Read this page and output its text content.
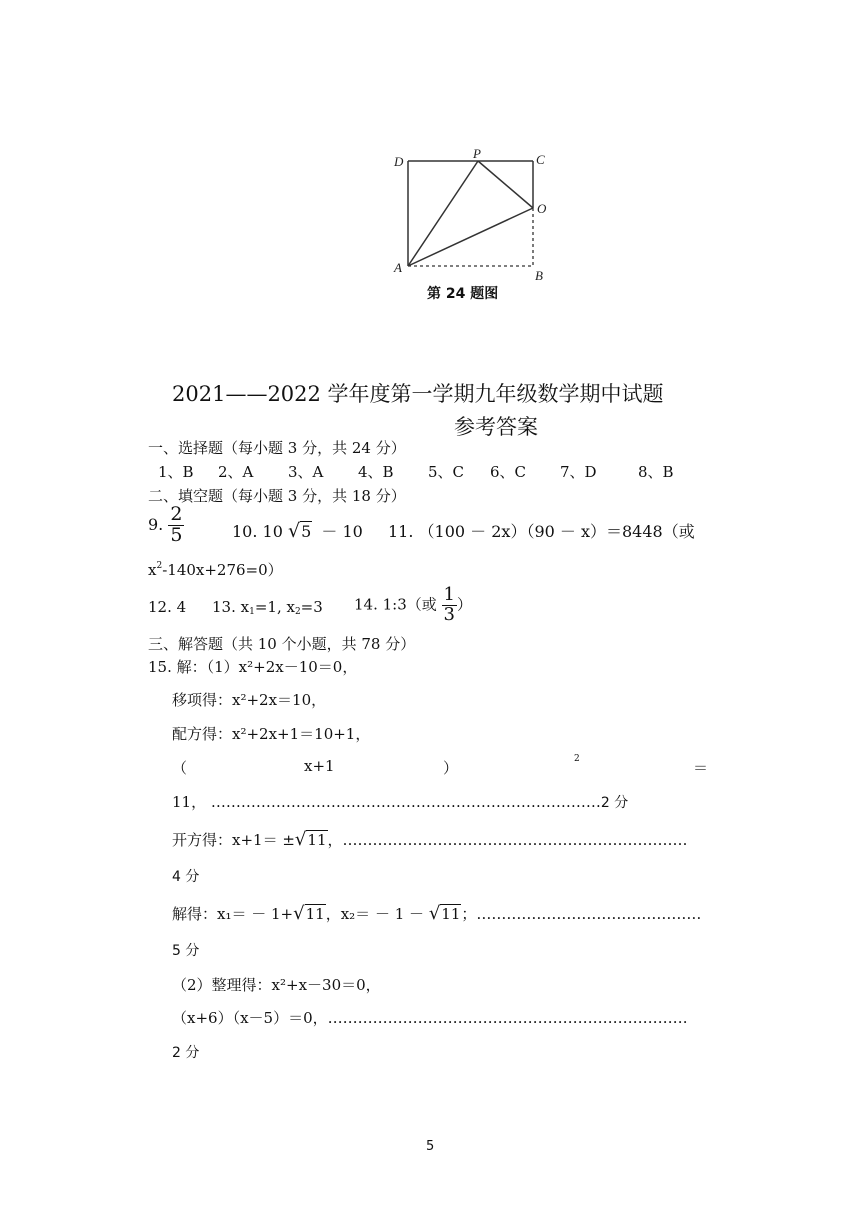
D
P	C
O
A
B
第 24 题图
2021——2022 学年度第一学期九年级数学期中试题
参考答案
一、选择题（每小题 3 分，共 24 分）
1、B 2、A 3、A 4、B 5、C 6、C 7、D	8、B
二、填空题（每小题 3 分，共 18 分）
9. $\frac{2}{5}$	10. 10 √5 － 10 11. （100 － 2x）（90 － x）＝8448（或
$x^2-140x+276=0$）
12. 4 13. $x_1=1$, $x_2=3$ 14. 1:3（或 $\frac{1}{3}$ ）
三、解答题（共 10 个小题，共 78 分）
15. 解：（1）x²+2x－10＝0，
移项得：x²+2x＝10，
配方得：x²+2x+1＝10+1，
（	x+1	）	2	＝
11， ……………………………………………………………………2 分
开方得：x+1＝ ±√11，……………………………………………………………
4 分
解得：x₁＝ － 1+√11，x₂＝ － 1 － √11；………………………………………
5 分
（2）整理得：x²+x－30＝0，
（x+6）（x－5）＝0，………………………………………………………………
2 分
5
